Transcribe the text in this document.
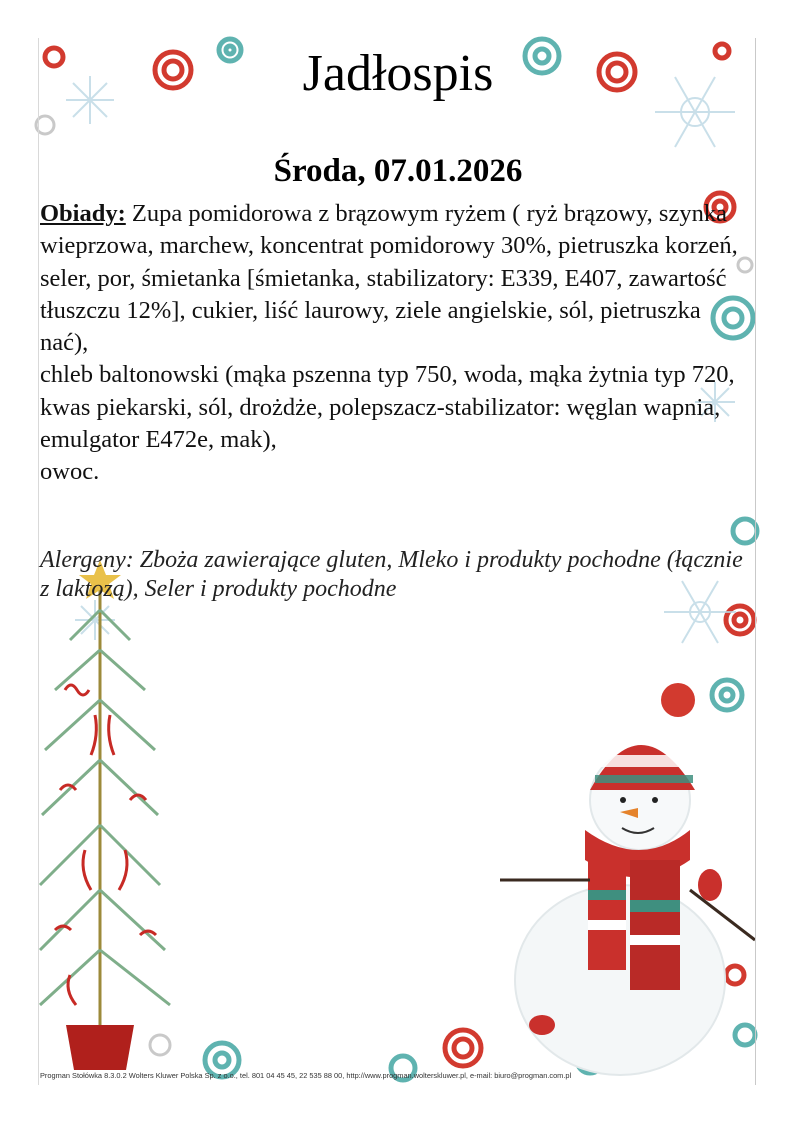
Jadłospis
Środa, 07.01.2026
Obiady: Zupa pomidorowa z brązowym ryżem ( ryż brązowy, szynka wieprzowa, marchew, koncentrat pomidorowy 30%, pietruszka korzeń, seler, por, śmietanka [śmietanka, stabilizatory: E339, E407, zawartość tłuszczu 12%], cukier, liść laurowy, ziele angielskie, sól, pietruszka nać),
chleb baltonowski (mąka pszenna typ 750, woda, mąka żytnia typ 720, kwas piekarski, sól, drożdże, polepszacz-stabilizator: węglan wapnia, emulgator E472e, mak),
owoc.
Alergeny: Zboża zawierające gluten, Mleko i produkty pochodne (łącznie z laktozą), Seler i produkty pochodne
Progman Stołówka 8.3.0.2 Wolters Kluwer Polska Sp. z o.o., tel. 801 04 45 45, 22 535 88 00, http://www.progman.wolterskluwer.pl, e-mail: biuro@progman.com.pl
